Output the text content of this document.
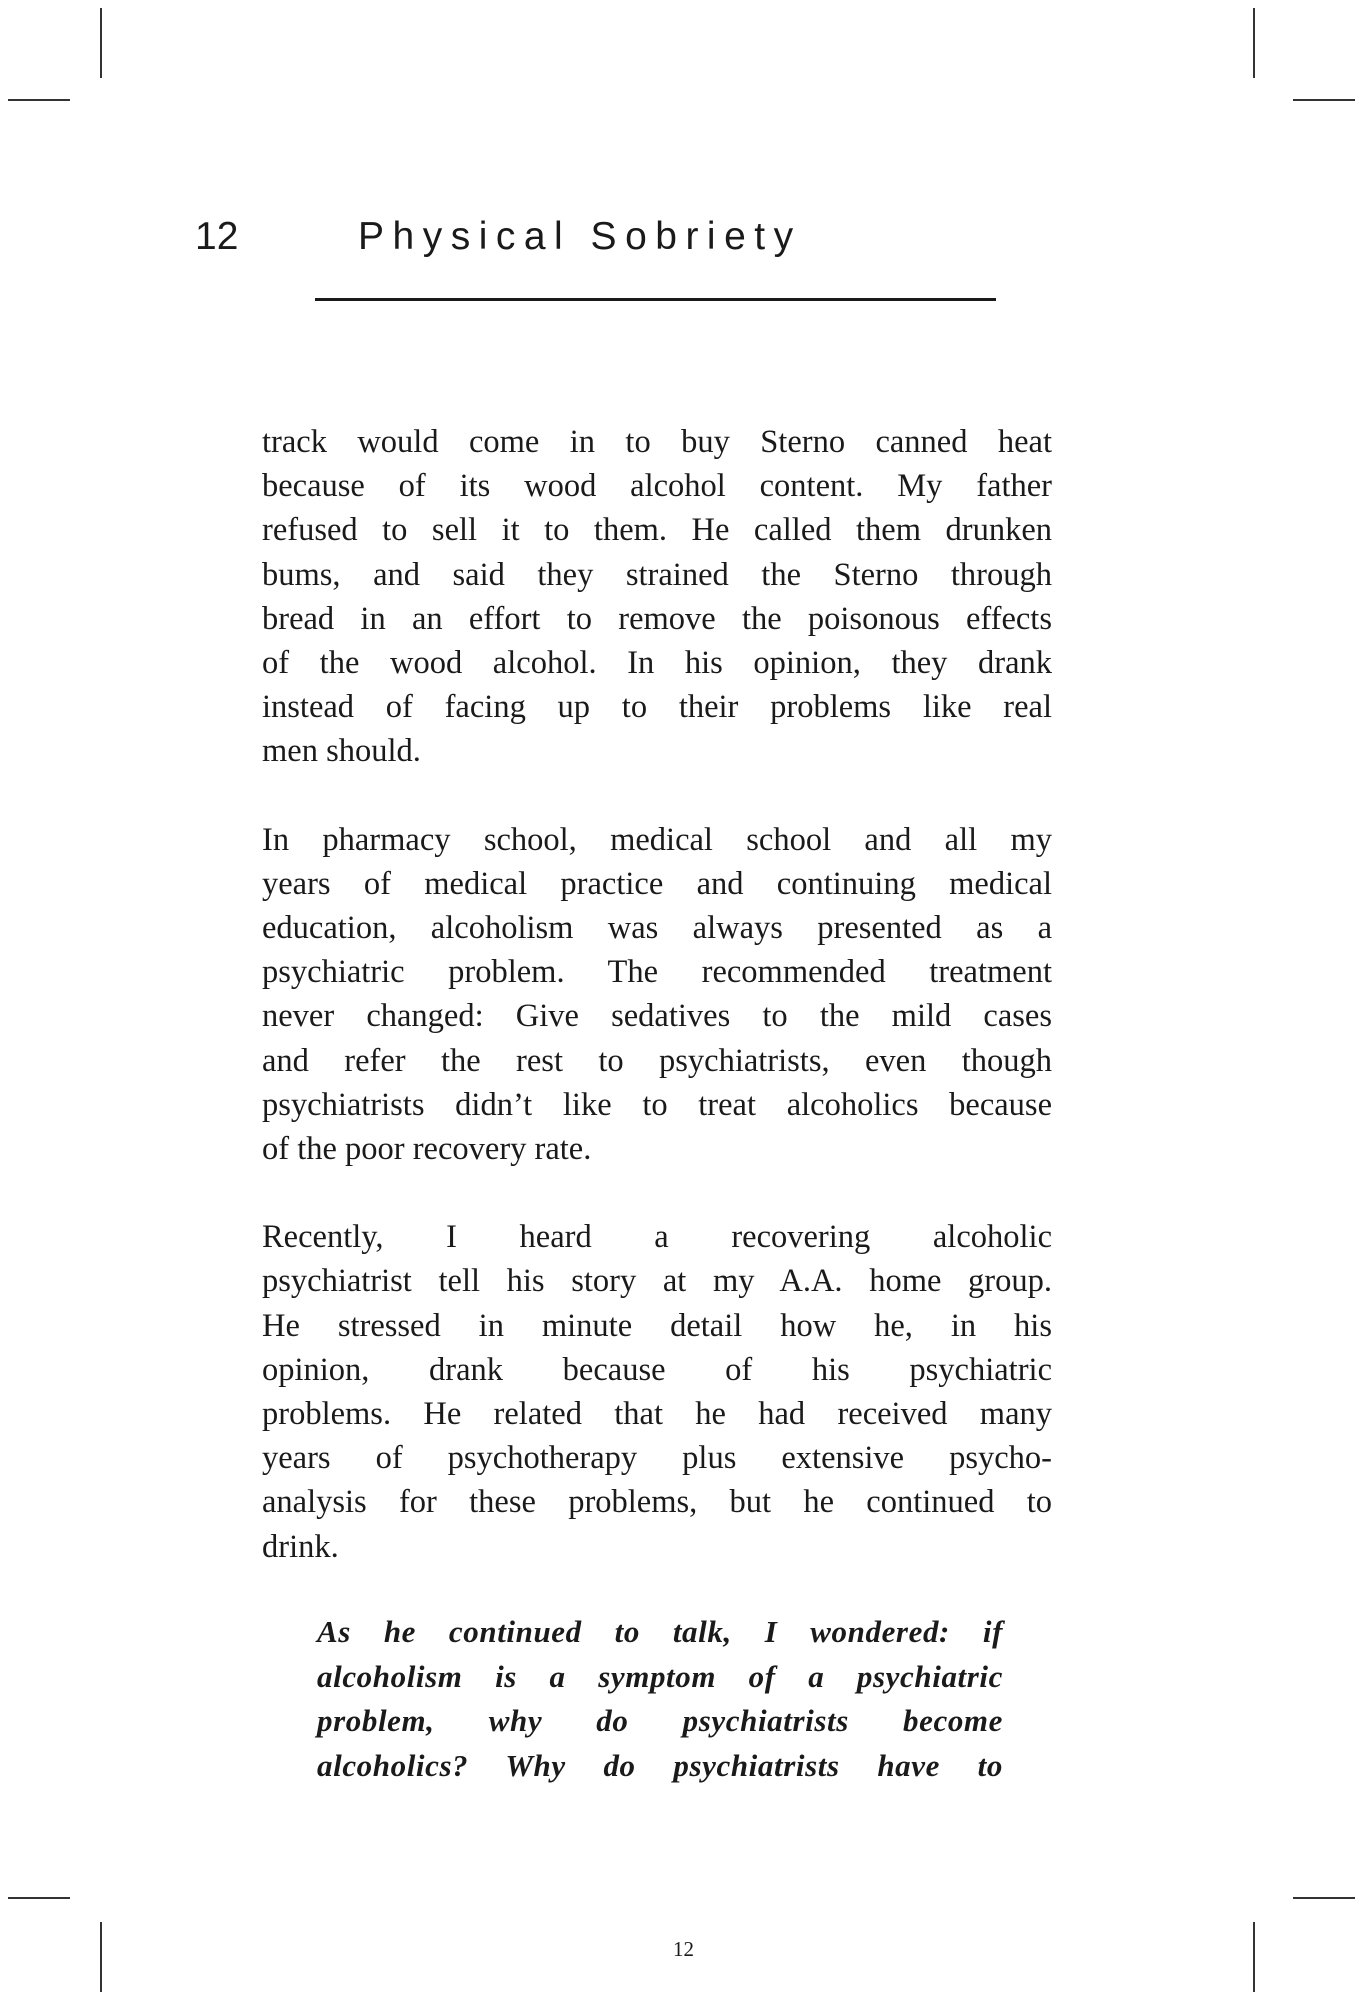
12	Physical Sobriety

track would come in to buy Sterno canned heat
because of its wood alcohol content. My father
refused to sell it to them. He called them drunken
bums, and said they strained the Sterno through
bread in an effort to remove the poisonous effects
of the wood alcohol. In his opinion, they drank
instead of facing up to their problems like real
men should.

In pharmacy school, medical school and all my
years of medical practice and continuing medical
education, alcoholism was always presented as a
psychiatric problem. The recommended treatment
never changed: Give sedatives to the mild cases
and refer the rest to psychiatrists, even though
psychiatrists didn’t like to treat alcoholics because
of the poor recovery rate.

Recently, I heard a recovering alcoholic
psychiatrist tell his story at my A.A. home group.
He stressed in minute detail how he, in his
opinion, drank because of his psychiatric
problems. He related that he had received many
years of psychotherapy plus extensive psycho-
analysis for these problems, but he continued to
drink.

As he continued to talk, I wondered: if
alcoholism is a symptom of a psychiatric
problem, why do psychiatrists become
alcoholics? Why do psychiatrists have to
12
